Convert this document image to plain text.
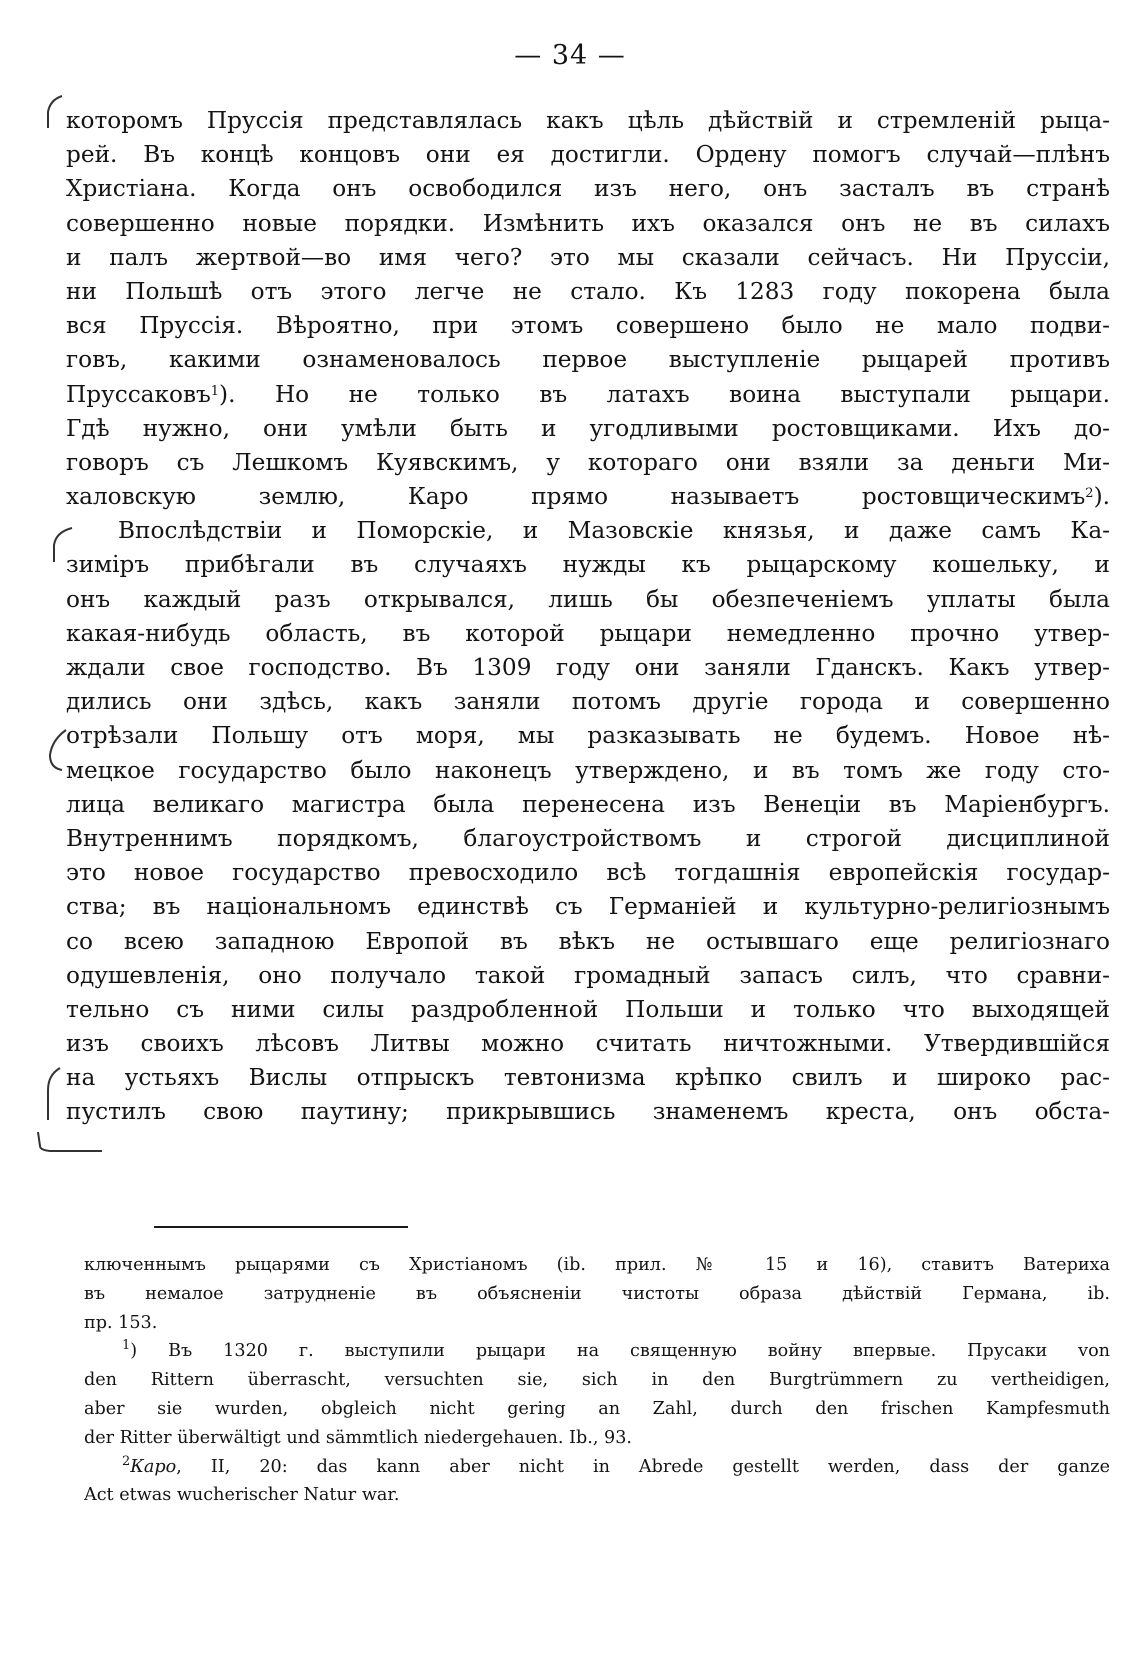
— 34 —
которомъ Пруссія представлялась какъ цѣль дѣйствій и стремленій рыца-
рей. Въ концѣ концовъ они ея достигли. Ордену помогъ случай—плѣнъ
Христіана. Когда онъ освободился изъ него, онъ засталъ въ странѣ
совершенно новые порядки. Измѣнить ихъ оказался онъ не въ силахъ
и палъ жертвой—во имя чего? это мы сказали сейчасъ. Ни Пруссіи,
ни Польшѣ отъ этого легче не стало. Къ 1283 году покорена была
вся Пруссія. Вѣроятно, при этомъ совершено было не мало подви-
говъ, какими ознаменовалось первое выступленіе рыцарей противъ
Пруссаковъ$^1$). Но не только въ латахъ воина выступали рыцари.
Гдѣ нужно, они умѣли быть и угодливыми ростовщиками. Ихъ до-
говоръ съ Лешкомъ Куявскимъ, у котораго они взяли за деньги Ми-
халовскую землю, Каро прямо называетъ ростовщическимъ$^2$).
Впослѣдствіи и Поморскіе, и Мазовскіе князья, и даже самъ Ка-
зиміръ прибѣгали въ случаяхъ нужды къ рыцарскому кошельку, и
онъ каждый разъ открывался, лишь бы обезпеченіемъ уплаты была
какая-нибудь область, въ которой рыцари немедленно прочно утвер-
ждали свое господство. Въ 1309 году они заняли Гданскъ. Какъ утвер-
дились они здѣсь, какъ заняли потомъ другіе города и совершенно
отрѣзали Польшу отъ моря, мы разказывать не будемъ. Новое нѣ-
мецкое государство было наконецъ утверждено, и въ томъ же году сто-
лица великаго магистра была перенесена изъ Венеціи въ Маріенбургъ.
Внутреннимъ порядкомъ, благоустройствомъ и строгой дисциплиной
это новое государство превосходило всѣ тогдашнія европейскія государ-
ства; въ національномъ единствѣ съ Германіей и культурно-религіознымъ
со всею западною Европой въ вѣкъ не остывшаго еще религіознаго
одушевленія, оно получало такой громадный запасъ силъ, что сравни-
тельно съ ними силы раздробленной Польши и только что выходящей
изъ своихъ лѣсовъ Литвы можно считать ничтожными. Утвердившійся
на устьяхъ Вислы отпрыскъ тевтонизма крѣпко свилъ и широко рас-
пустилъ свою паутину; прикрывшись знаменемъ креста, онъ обста-
ключеннымъ рыцарями съ Христіаномъ (ib. прил. № 15 и 16), ставитъ Ватериха
въ немалое затрудненіе въ объясненіи чистоты образа дѣйствій Германа, ib.
пр. 153.
$^1$) Въ 1320 г. выступили рыцари на священную войну впервые. Прусаки von
den Rittern überrascht, versuchten sie, sich in den Burgtrümmern zu vertheidigen,
aber sie wurden, obgleich nicht gering an Zahl, durch den frischen Kampfesmuth
der Ritter überwältigt und sämmtlich niedergehauen. Ib., 93.
$^2$Каро, II, 20: das kann aber nicht in Abrede gestellt werden, dass der ganze
Act etwas wucherischer Natur war.
